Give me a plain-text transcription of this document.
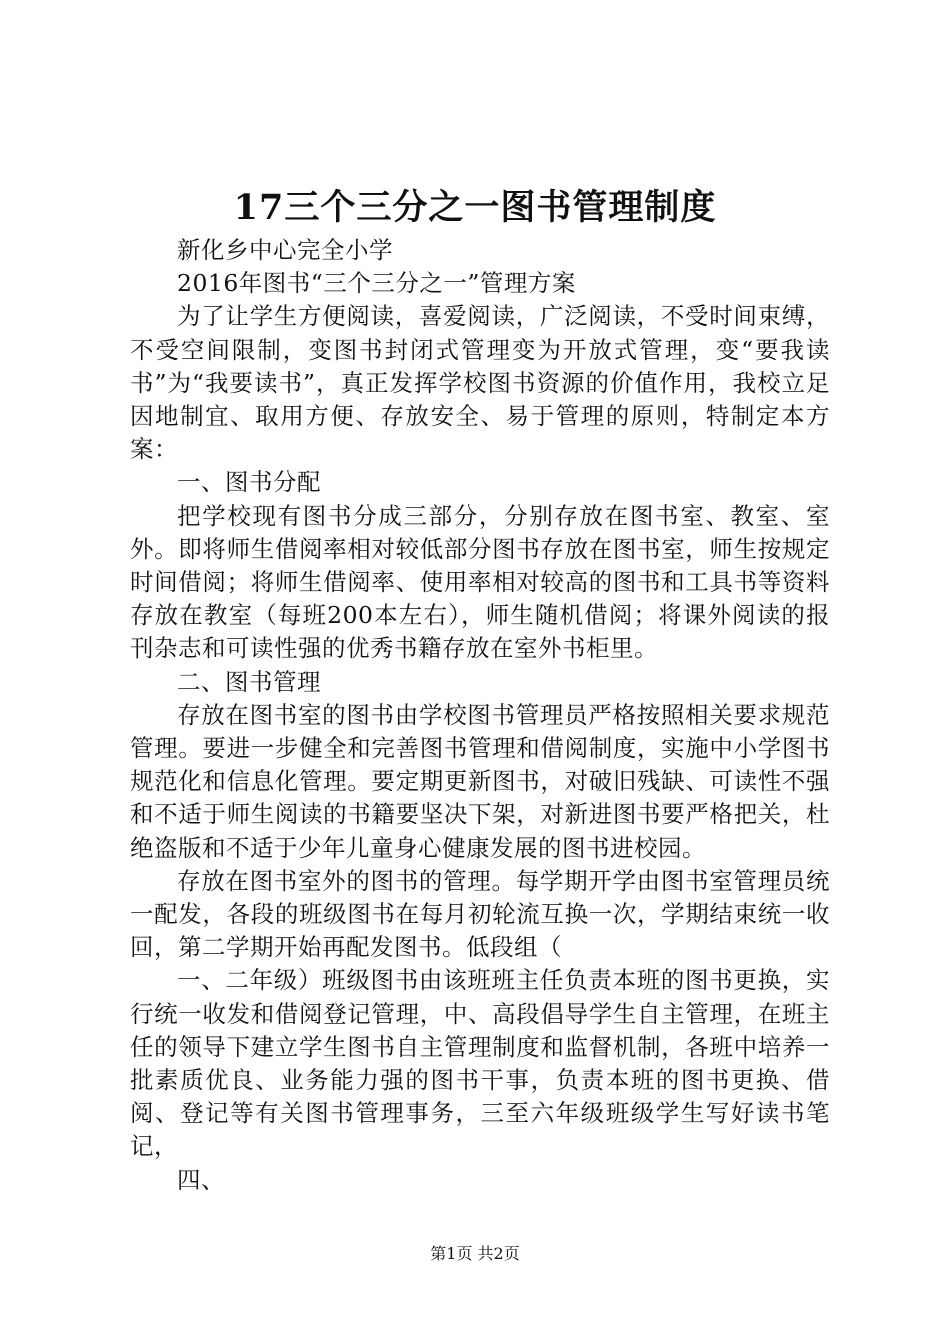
17三个三分之一图书管理制度

新化乡中心完全小学

2016年图书“三个三分之一”管理方案

为了让学生方便阅读，喜爱阅读，广泛阅读，不受时间束缚，不受空间限制，变图书封闭式管理变为开放式管理，变“要我读书”为“我要读书”，真正发挥学校图书资源的价值作用，我校立足因地制宜、取用方便、存放安全、易于管理的原则，特制定本方案：

一、图书分配

把学校现有图书分成三部分，分别存放在图书室、教室、室外。即将师生借阅率相对较低部分图书存放在图书室，师生按规定时间借阅；将师生借阅率、使用率相对较高的图书和工具书等资料存放在教室（每班200本左右），师生随机借阅；将课外阅读的报刊杂志和可读性强的优秀书籍存放在室外书柜里。

二、图书管理

存放在图书室的图书由学校图书管理员严格按照相关要求规范管理。要进一步健全和完善图书管理和借阅制度，实施中小学图书规范化和信息化管理。要定期更新图书，对破旧残缺、可读性不强和不适于师生阅读的书籍要坚决下架，对新进图书要严格把关，杜绝盗版和不适于少年儿童身心健康发展的图书进校园。

存放在图书室外的图书的管理。每学期开学由图书室管理员统一配发，各段的班级图书在每月初轮流互换一次，学期结束统一收回，第二学期开始再配发图书。低段组（

一、二年级）班级图书由该班班主任负责本班的图书更换，实行统一收发和借阅登记管理，中、高段倡导学生自主管理，在班主任的领导下建立学生图书自主管理制度和监督机制，各班中培养一批素质优良、业务能力强的图书干事，负责本班的图书更换、借阅、登记等有关图书管理事务，三至六年级班级学生写好读书笔记，

四、

第1页 共2页
